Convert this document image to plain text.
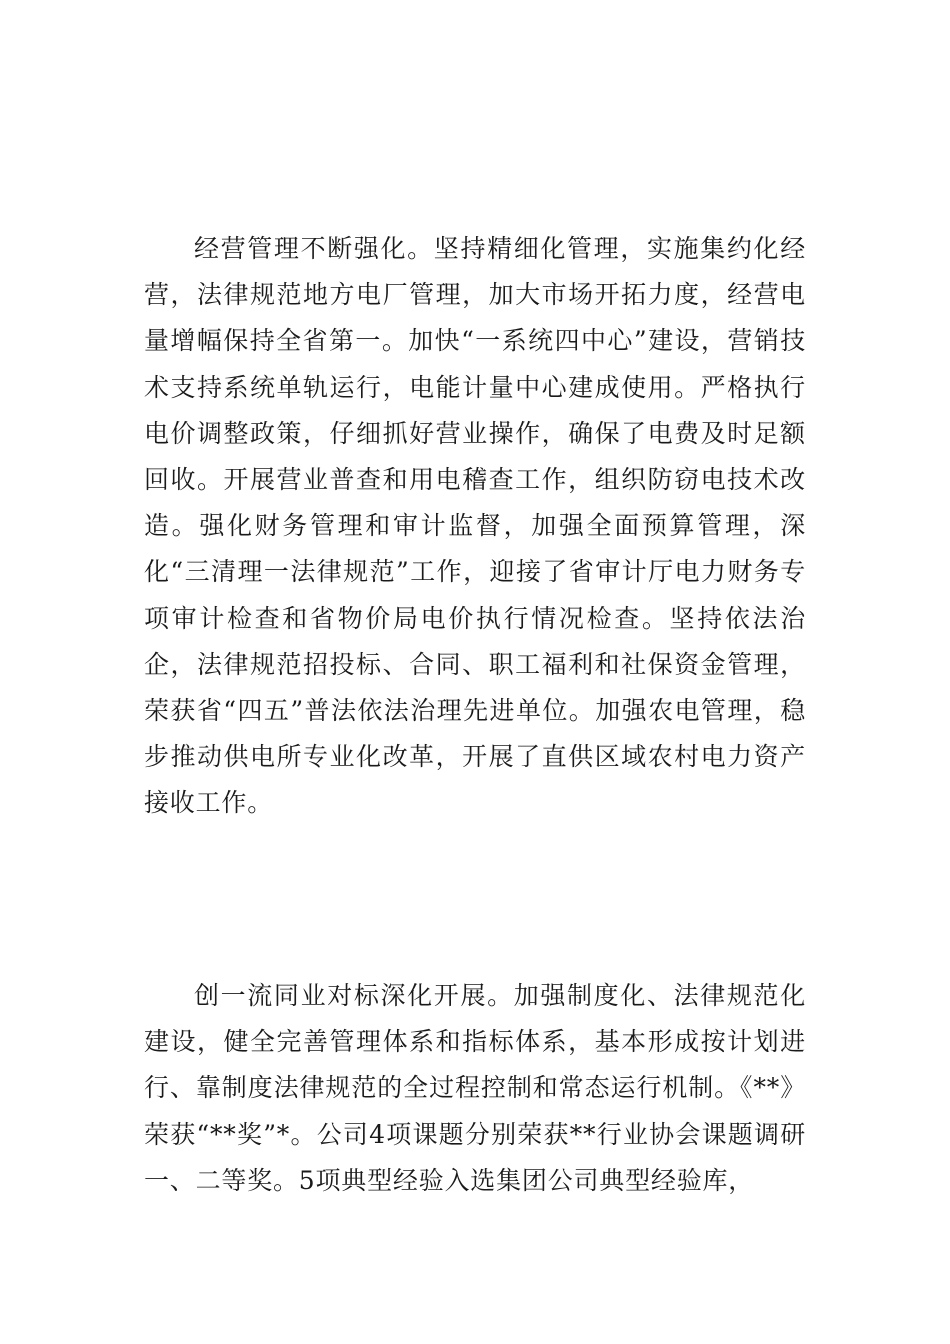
经营管理不断强化。坚持精细化管理，实施集约化经营，法律规范地方电厂管理，加大市场开拓力度，经营电量增幅保持全省第一。加快“一系统四中心”建设，营销技术支持系统单轨运行，电能计量中心建成使用。严格执行电价调整政策，仔细抓好营业操作，确保了电费及时足额回收。开展营业普查和用电稽查工作，组织防窃电技术改造。强化财务管理和审计监督，加强全面预算管理，深化“三清理一法律规范”工作，迎接了省审计厅电力财务专项审计检查和省物价局电价执行情况检查。坚持依法治企，法律规范招投标、合同、职工福利和社保资金管理，荣获省“四五”普法依法治理先进单位。加强农电管理，稳步推动供电所专业化改革，开展了直供区域农村电力资产接收工作。

创一流同业对标深化开展。加强制度化、法律规范化建设，健全完善管理体系和指标体系，基本形成按计划进行、靠制度法律规范的全过程控制和常态运行机制。《**》荣获“**奖”*。公司4项课题分别荣获**行业协会课题调研一、二等奖。5项典型经验入选集团公司典型经验库，
